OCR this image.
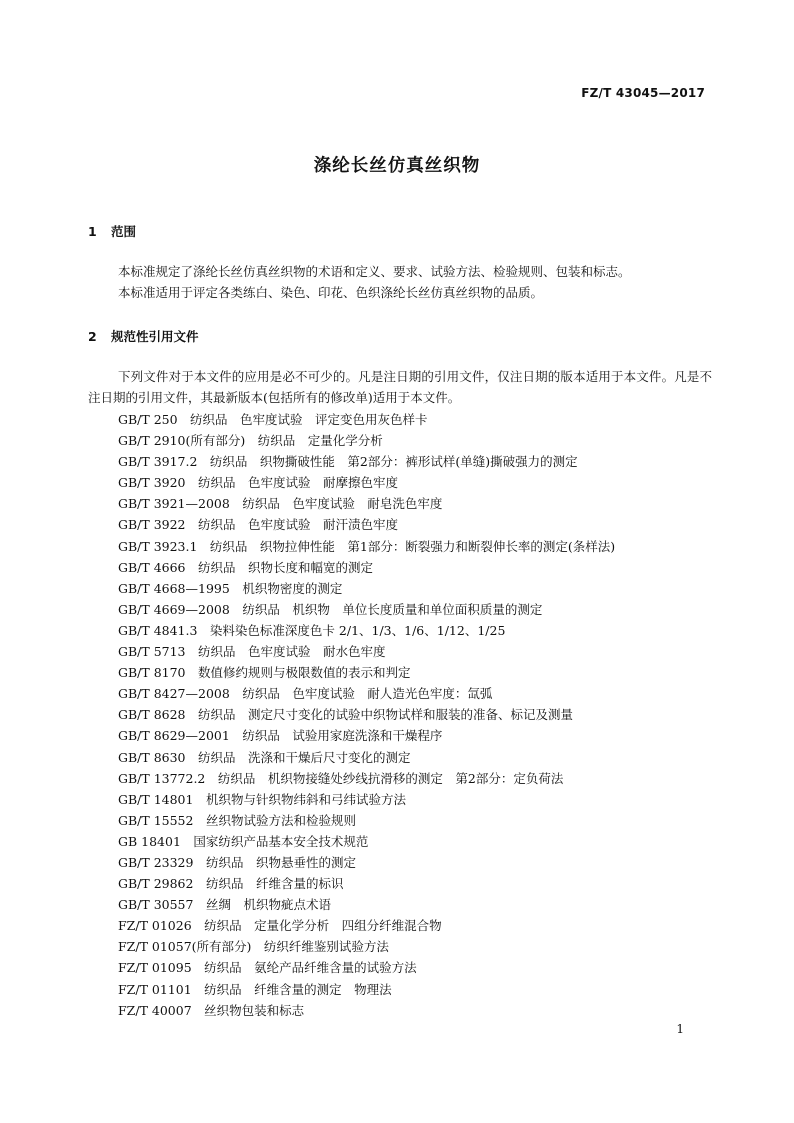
FZ/T 43045—2017
涤纶长丝仿真丝织物
1 范围

本标准规定了涤纶长丝仿真丝织物的术语和定义、要求、试验方法、检验规则、包装和标志。

本标准适用于评定各类练白、染色、印花、色织涤纶长丝仿真丝织物的品质。

2 规范性引用文件

下列文件对于本文件的应用是必不可少的。凡是注日期的引用文件，仅注日期的版本适用于本文件。凡是不注日期的引用文件，其最新版本(包括所有的修改单)适用于本文件。

GB/T 250　纺织品　色牢度试验　评定变色用灰色样卡
GB/T 2910(所有部分)　纺织品　定量化学分析
GB/T 3917.2　纺织品　织物撕破性能　第2部分：裤形试样(单缝)撕破强力的测定
GB/T 3920　纺织品　色牢度试验　耐摩擦色牢度
GB/T 3921—2008　纺织品　色牢度试验　耐皂洗色牢度
GB/T 3922　纺织品　色牢度试验　耐汗渍色牢度
GB/T 3923.1　纺织品　织物拉伸性能　第1部分：断裂强力和断裂伸长率的测定(条样法)
GB/T 4666　纺织品　织物长度和幅宽的测定
GB/T 4668—1995　机织物密度的测定
GB/T 4669—2008　纺织品　机织物　单位长度质量和单位面积质量的测定
GB/T 4841.3　染料染色标准深度色卡 2/1、1/3、1/6、1/12、1/25
GB/T 5713　纺织品　色牢度试验　耐水色牢度
GB/T 8170　数值修约规则与极限数值的表示和判定
GB/T 8427—2008　纺织品　色牢度试验　耐人造光色牢度：氙弧
GB/T 8628　纺织品　测定尺寸变化的试验中织物试样和服装的准备、标记及测量
GB/T 8629—2001　纺织品　试验用家庭洗涤和干燥程序
GB/T 8630　纺织品　洗涤和干燥后尺寸变化的测定
GB/T 13772.2　纺织品　机织物接缝处纱线抗滑移的测定　第2部分：定负荷法
GB/T 14801　机织物与针织物纬斜和弓纬试验方法
GB/T 15552　丝织物试验方法和检验规则
GB 18401　国家纺织产品基本安全技术规范
GB/T 23329　纺织品　织物悬垂性的测定
GB/T 29862　纺织品　纤维含量的标识
GB/T 30557　丝绸　机织物疵点术语
FZ/T 01026　纺织品　定量化学分析　四组分纤维混合物
FZ/T 01057(所有部分)　纺织纤维鉴别试验方法
FZ/T 01095　纺织品　氨纶产品纤维含量的试验方法
FZ/T 01101　纺织品　纤维含量的测定　物理法
FZ/T 40007　丝织物包装和标志
1
